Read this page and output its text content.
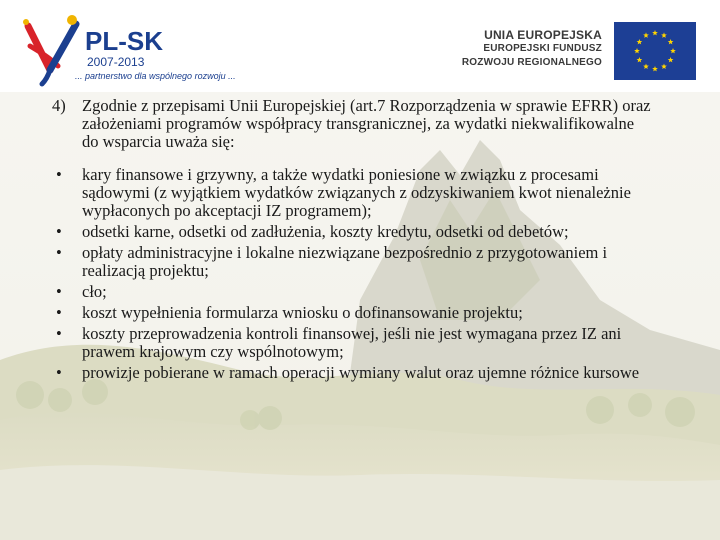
PL-SK
2007-2013
... partnerstwo dla wspólnego rozwoju ...
UNIA EUROPEJSKA
EUROPEJSKI FUNDUSZ
ROZWOJU REGIONALNEGO
4) Zgodnie z przepisami Unii Europejskiej (art.7 Rozporządzenia w sprawie EFRR) oraz założeniami programów współpracy transgranicznej, za wydatki niekwalifikowalne do wsparcia uważa się:
• kary finansowe i grzywny, a także wydatki poniesione w związku z procesami sądowymi (z wyjątkiem wydatków związanych z odzyskiwaniem kwot nienależnie wypłaconych po akceptacji IZ programem);
• odsetki karne, odsetki od zadłużenia, koszty kredytu, odsetki od debetów;
• opłaty administracyjne i lokalne niezwiązane bezpośrednio z przygotowaniem i realizacją projektu;
• cło;
• koszt wypełnienia formularza wniosku o dofinansowanie projektu;
• koszty przeprowadzenia kontroli finansowej, jeśli nie jest wymagana przez IZ ani prawem krajowym czy wspólnotowym;
• prowizje pobierane w ramach operacji wymiany walut oraz ujemne różnice kursowe
